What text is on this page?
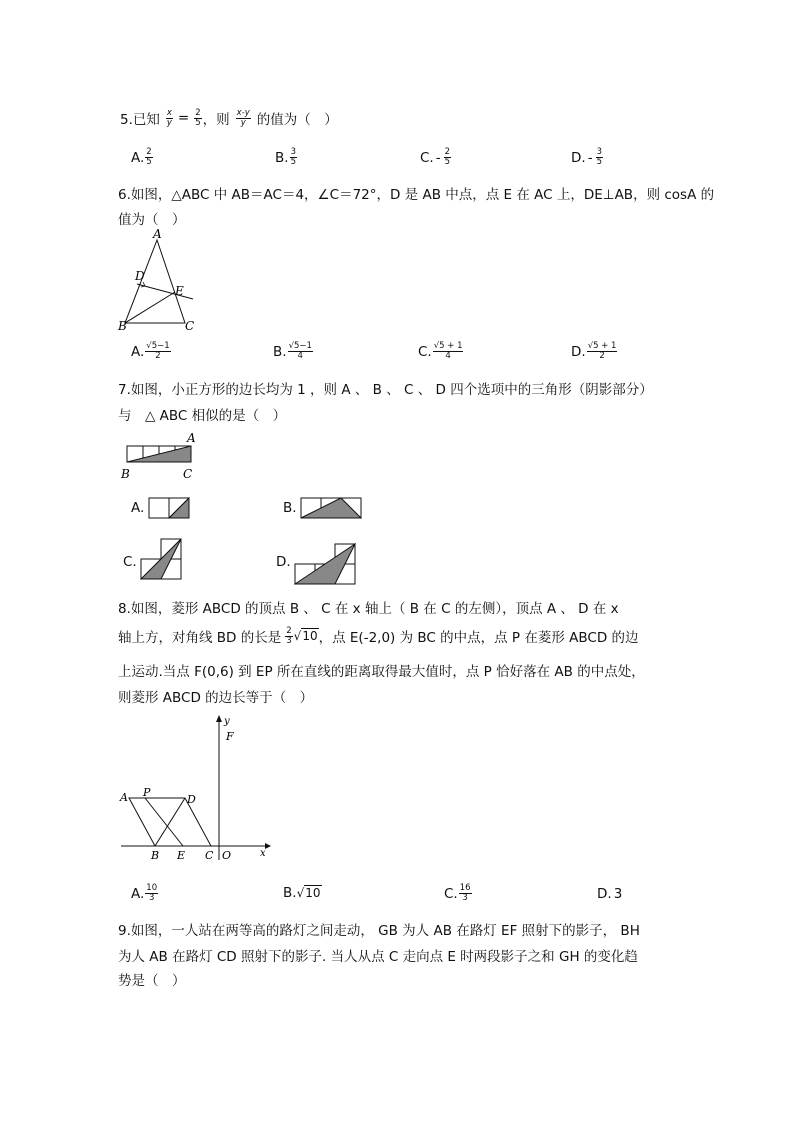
5.已知 $\frac{x}{y} = \frac{2}{5}$ ，则 $\frac{x-y}{y}$ 的值为（　）
A. $\frac{2}{5}$	B. $\frac{3}{5}$	C. - $\frac{2}{5}$	D. - $\frac{3}{5}$
6.如图，△ABC 中 AB＝AC＝4，∠C＝72°，D 是 AB 中点，点 E 在 AC 上，DE⊥AB，则 cosA 的
值为（　）
A
D
E
B	C
A. $\frac{√5-1}{2}$	B. $\frac{√5-1}{4}$	C. $\frac{√5 + 1}{4}$	D. $\frac{√5 + 1}{2}$
7.如图，小正方形的边长均为 1 ，则 A 、 B 、 C 、 D 四个选项中的三角形（阴影部分）
与　△ ABC 相似的是（　）
A
B	C
A.	B.
C.	D.
8.如图，菱形 ABCD 的顶点 B 、 C 在 x 轴上（ B 在 C 的左侧），顶点 A 、 D 在 x
轴上方，对角线 BD 的长是 $\frac{2}{3} √10$ ，点 E(-2,0) 为 BC 的中点，点 P 在菱形 ABCD 的边
上运动.当点 F(0,6) 到 EP 所在直线的距离取得最大值时，点 P 恰好落在 AB 的中点处，
则菱形 ABCD 的边长等于（　）
y
F
A P
D
B E C O	x
A. $\frac{10}{3}$	B. √10	C. $\frac{16}{3}$	D. 3
9.如图，一人站在两等高的路灯之间走动， GB 为人 AB 在路灯 EF 照射下的影子， BH
为人 AB 在路灯 CD 照射下的影子. 当人从点 C 走向点 E 时两段影子之和 GH 的变化趋
势是（　）
